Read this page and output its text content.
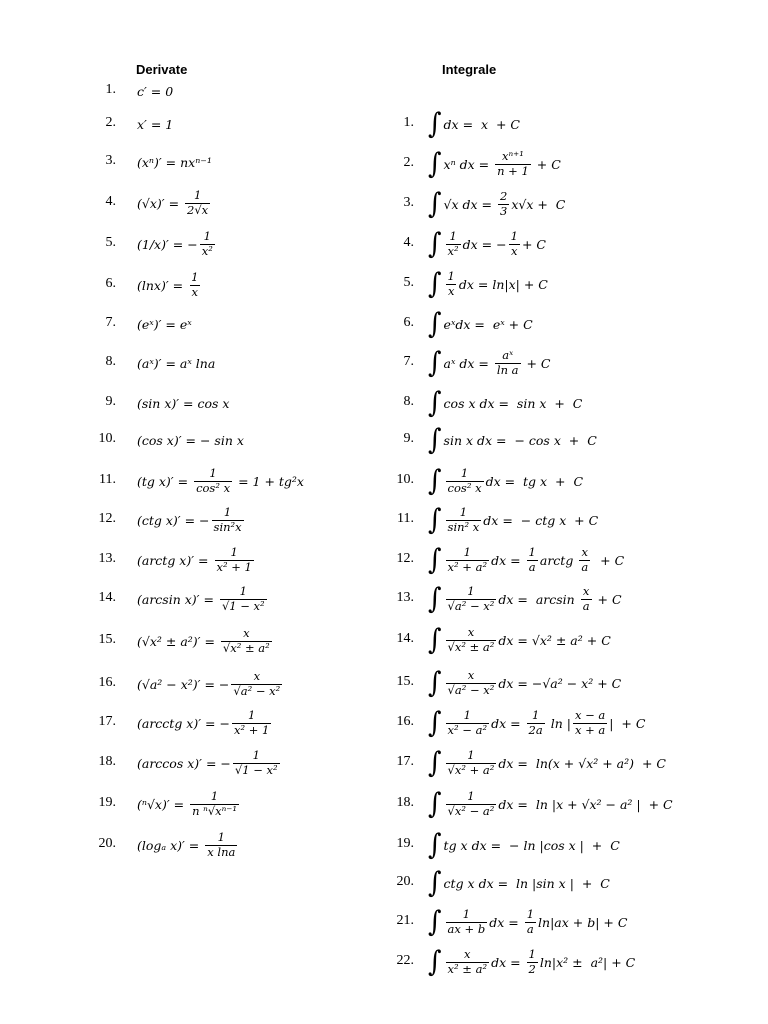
Derivate	Integrale
1. c′ = 0
2. x′ = 1
3. (xⁿ)′ = nxⁿ⁻¹
4. $(√x)' = \frac{1}{2√x}$
5. (1/x)′ = − $\frac{1}{\text{x²}}$
6. $(\ln x)' = \frac{1}{x}$
7. (eˣ)′ = eˣ
8. (aˣ)′ = aˣ lna
9. (sin x)′ = cos x
10. (cos x)′ = − sin x
11. (tg $x)' = \frac{1}{\text{cos² x}} = 1 + tg^2x$
12. (ctg x)′ = − $\frac{1}{\text{sin²x}}$
13. (arctg $x)' = \frac{1}{\text{x² + 1}}$
14. (arcsin $x)' = \frac{1}{\text{√1 − x²}}$
15. $(√x^2 \pm a^2)' = \frac{x}{\text{√x² ± a²}}$
16. (√a² − x²)′ = − $\frac{x}{\text{√a² − x²}}$
17. (arcctg x)′ = − $\frac{1}{\text{x² + 1}}$
18. (arccos x)′ = − $\frac{1}{\text{√1 − x²}}$
19. $(^n√x)' = \frac{1}{\text{n ⁿ√xⁿ⁻¹}}$
20. (logₐ $x)' = \frac{1}{\text{x lna}}$
1. ∫ dx =  x  + C
2. ∫ xⁿ dx = $\frac{\text{xⁿ⁺¹}}{n + 1} + C$
3. ∫ √x dx = $\frac{2}{3} x√x + C$
4. ∫ $\frac{1}{\text{x²}}$ dx = − $\frac{1}{x} + C$
5. ∫ $\frac{1}{x}$ dx = ln|x| + C
6. ∫ eˣdx =  eˣ + C
7. ∫ aˣ dx = $\frac{\text{aˣ}}{\text{ln a}} + C$
8. ∫ cos x dx =  sin x  +  C
9. ∫ sin x dx =  − cos x  +  C
10. ∫ $\frac{1}{\text{cos² x}}$ dx =  tg x  +  C
11. ∫ $\frac{1}{\text{sin² x}}$ dx =  − ctg x  + C
12. ∫ $\frac{1}{\text{x² + a²}}$ dx = $\frac{1}{a}$ arctg $\frac{x}{a} + C$
13. ∫ $\frac{1}{\text{√a² − x²}}$ dx =  $\arcsin \frac{x}{a} + C$
14. ∫ $\frac{x}{\text{√x² ± a²}}$ dx = √x² ± a² + C
15. ∫ $\frac{x}{\text{√a² − x²}}$ dx = −√a² − x² + C
16. ∫ $\frac{1}{\text{x² − a²}}$ dx = $\frac{1}{2a}$ ln | $\frac{x - a}{x + a}$ |  + C
17. ∫ $\frac{1}{\text{√x² + a²}}$ dx =  ln(x + √x² + a²)  + C
18. ∫ $\frac{1}{\text{√x² − a²}}$ dx =  ln |x + √x² − a² |  + C
19. ∫ tg x dx =  − ln |cos x |  +  C
20. ∫ ctg x dx =  ln |sin x |  +  C
21. ∫ $\frac{1}{ax + b}$ dx = $\frac{1}{a} \ln|ax + b| + C$
22. ∫ $\frac{x}{\text{x² ± a²}}$ dx = $\frac{1}{2} \ln|x^2 \pm a^2| + C$
